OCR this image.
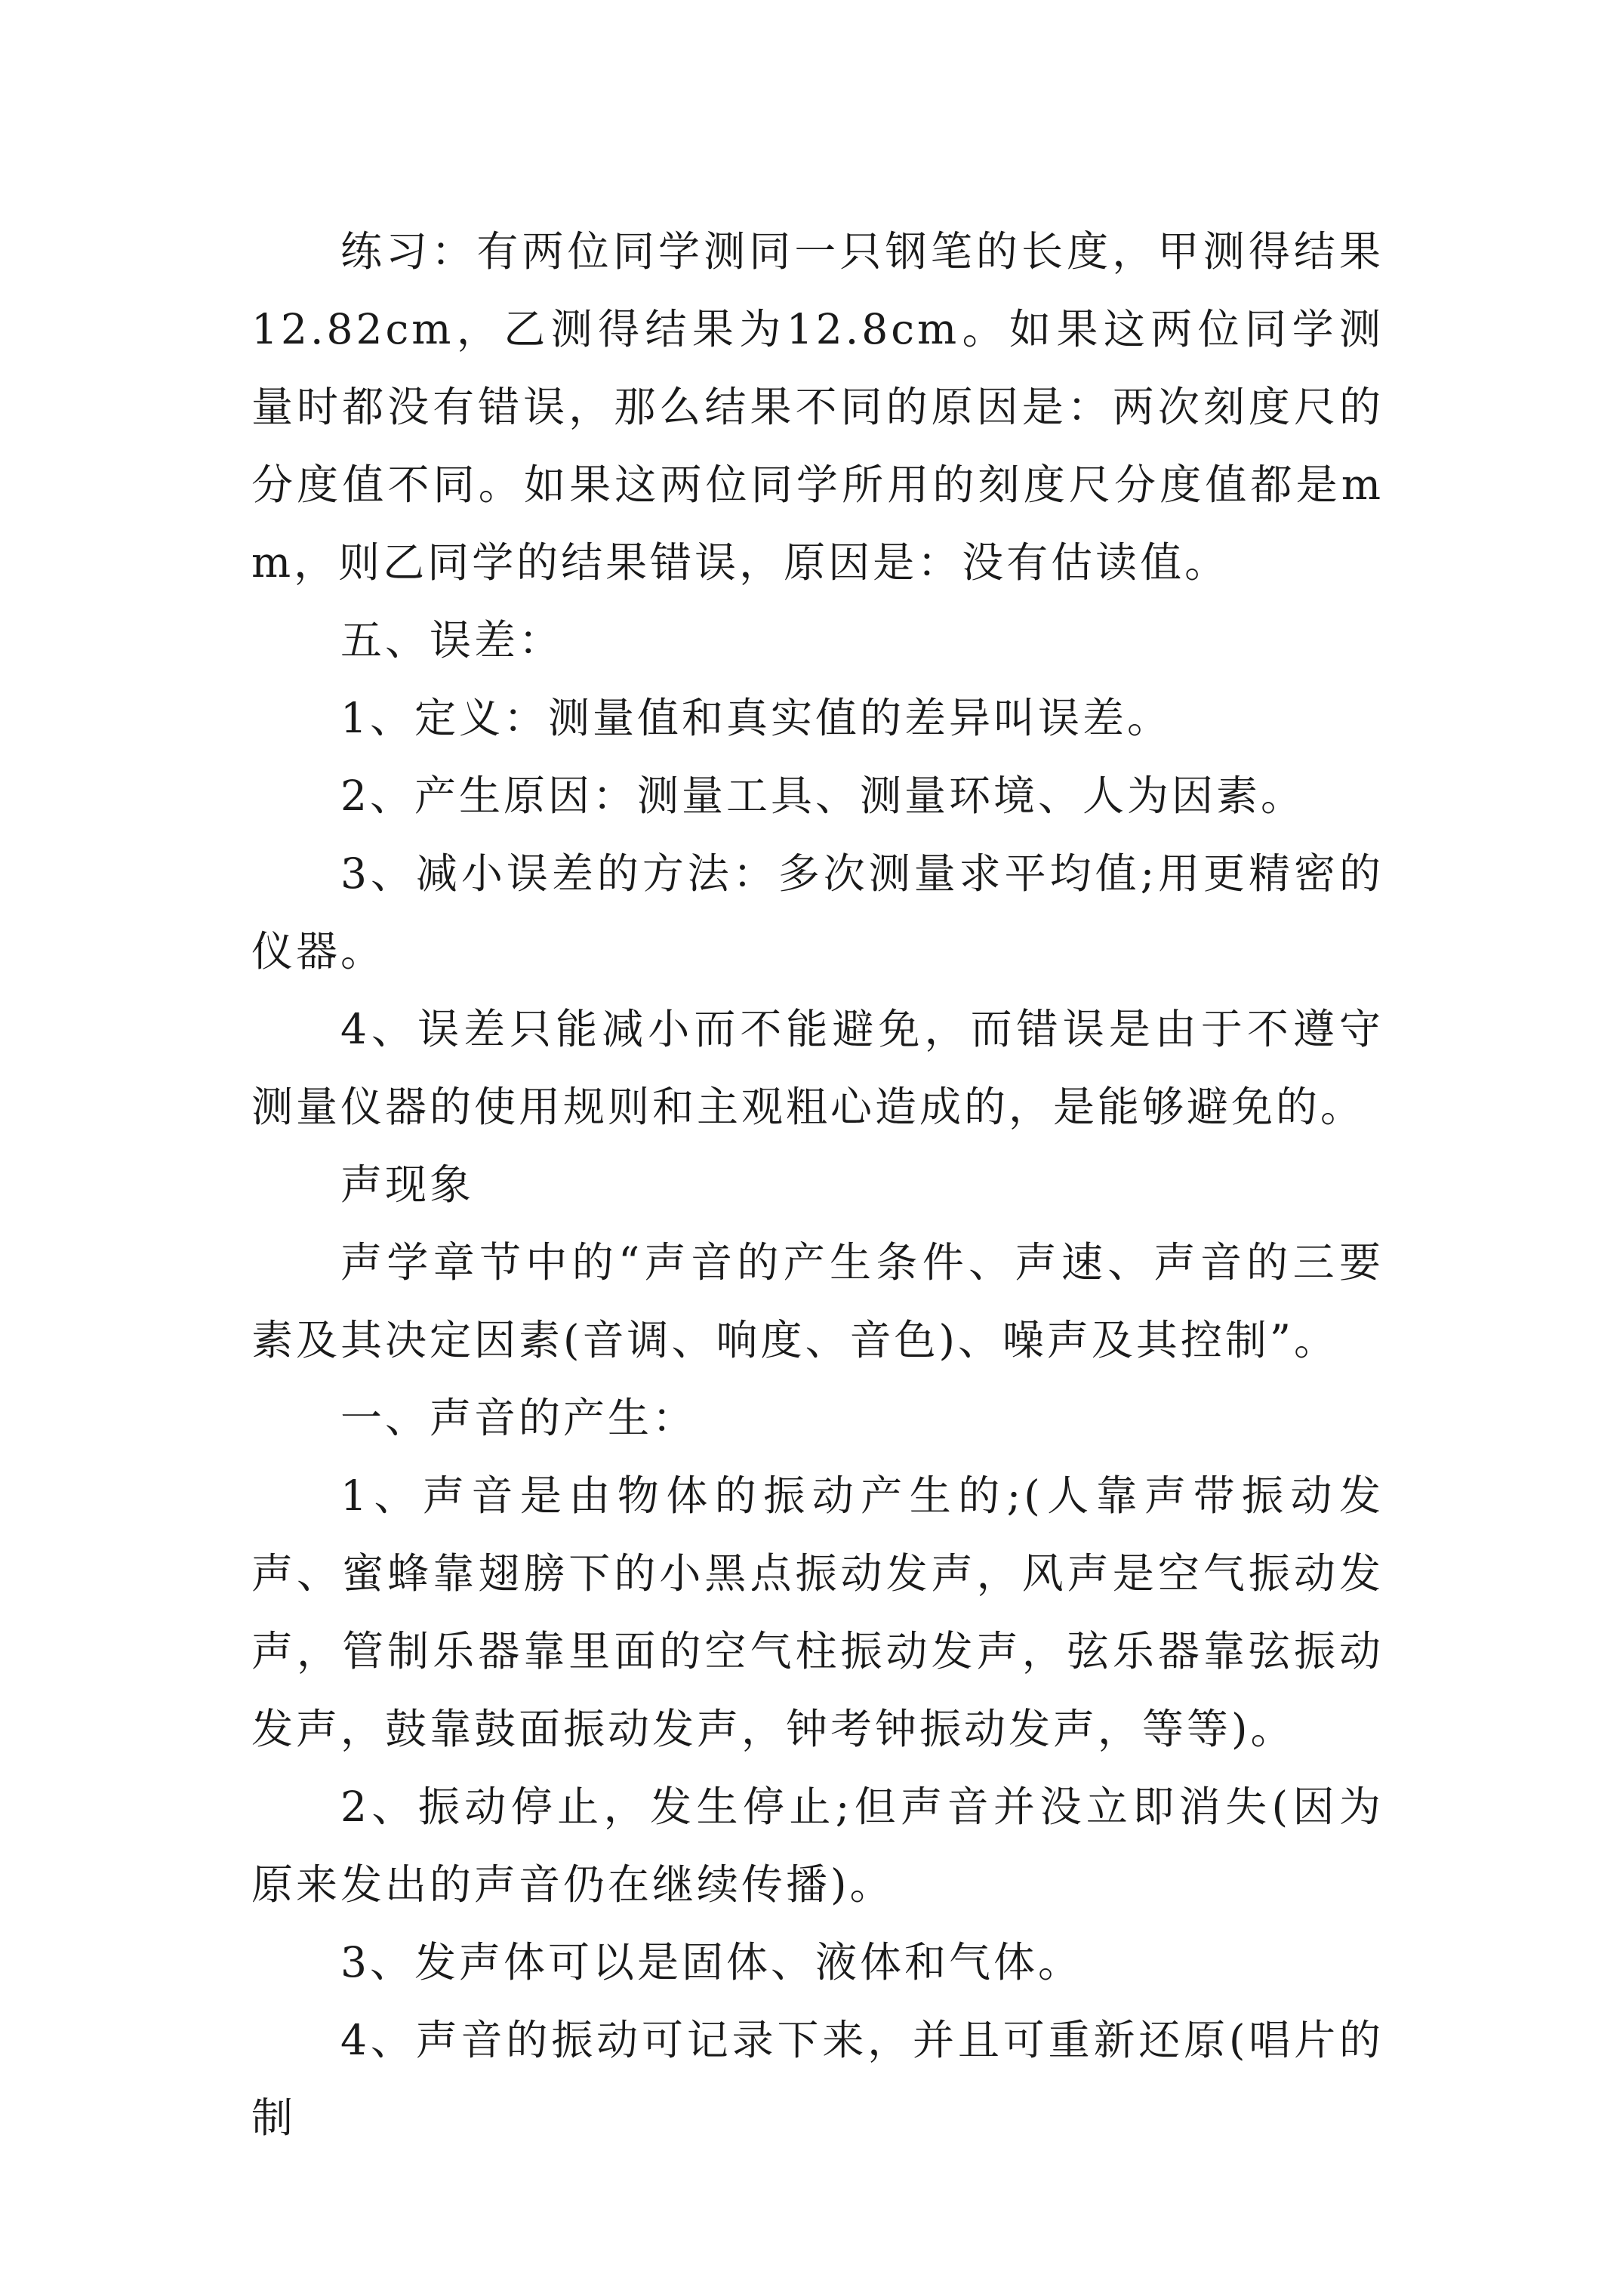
练习：有两位同学测同一只钢笔的长度，甲测得结果12.82cm，乙测得结果为12.8cm。如果这两位同学测量时都没有错误，那么结果不同的原因是：两次刻度尺的分度值不同。如果这两位同学所用的刻度尺分度值都是mm，则乙同学的结果错误，原因是：没有估读值。

五、误差：

1、定义：测量值和真实值的差异叫误差。

2、产生原因：测量工具、测量环境、人为因素。

3、减小误差的方法：多次测量求平均值;用更精密的仪器。

4、误差只能减小而不能避免，而错误是由于不遵守测量仪器的使用规则和主观粗心造成的，是能够避免的。

声现象

声学章节中的“声音的产生条件、声速、声音的三要素及其决定因素(音调、响度、音色)、噪声及其控制”。

一、声音的产生：

1、声音是由物体的振动产生的;(人靠声带振动发声、蜜蜂靠翅膀下的小黑点振动发声，风声是空气振动发声，管制乐器靠里面的空气柱振动发声，弦乐器靠弦振动发声，鼓靠鼓面振动发声，钟考钟振动发声，等等)。

2、振动停止，发生停止;但声音并没立即消失(因为原来发出的声音仍在继续传播)。

3、发声体可以是固体、液体和气体。

4、声音的振动可记录下来，并且可重新还原(唱片的制
